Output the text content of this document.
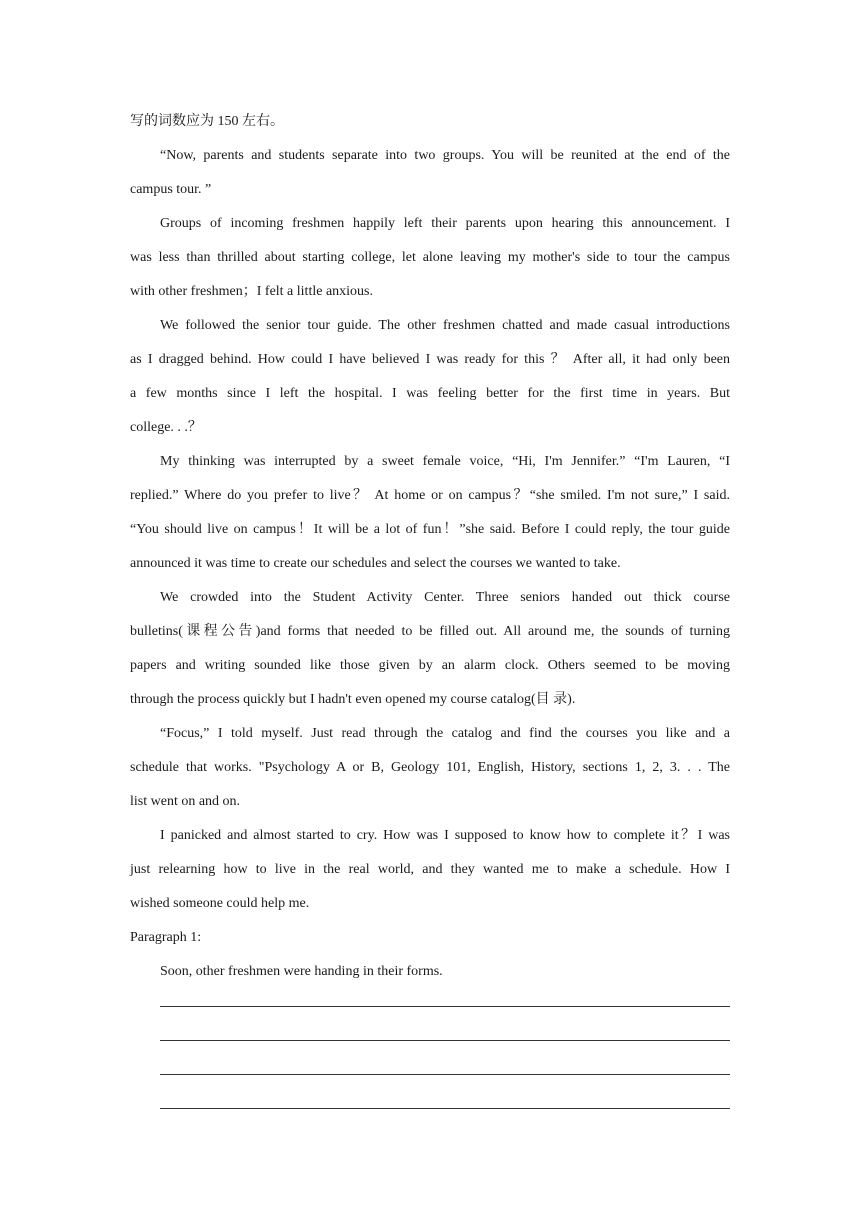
写的词数应为 150 左右。
“Now, parents and students separate into two groups. You will be reunited at the end of the
campus tour. ”
Groups of incoming freshmen happily left their parents upon hearing this announcement. I
was less than thrilled about starting college, let alone leaving my mother's side to tour the campus
with other freshmen；I felt a little anxious.
We followed the senior tour guide. The other freshmen chatted and made casual introductions
as I dragged behind. How could I have believed I was ready for this ？ After all, it had only been
a few months since I left the hospital. I was feeling better for the first time in years. But
college. . .？
My thinking was interrupted by a sweet female voice, “Hi, I'm Jennifer.” “I'm Lauren, “I
replied.” Where do you prefer to live？ At home or on campus？“she smiled. I'm not sure,” I said.
“You should live on campus！It will be a lot of fun！”she said. Before I could reply, the tour guide
announced it was time to create our schedules and select the courses we wanted to take.
We crowded into the Student Activity Center. Three seniors handed out thick course
bulletins(课程公告)and forms that needed to be filled out. All around me, the sounds of turning
papers and writing sounded like those given by an alarm clock. Others seemed to be moving
through the process quickly but I hadn't even opened my course catalog(目 录).
“Focus,” I told myself. Just read through the catalog and find the courses you like and a
schedule that works. "Psychology A or B, Geology 101, English, History, sections 1, 2, 3. . . The
list went on and on.
I panicked and almost started to cry. How was I supposed to know how to complete it？I was
just relearning how to live in the real world, and they wanted me to make a schedule. How I
wished someone could help me.
Paragraph 1:
Soon, other freshmen were handing in their forms.
